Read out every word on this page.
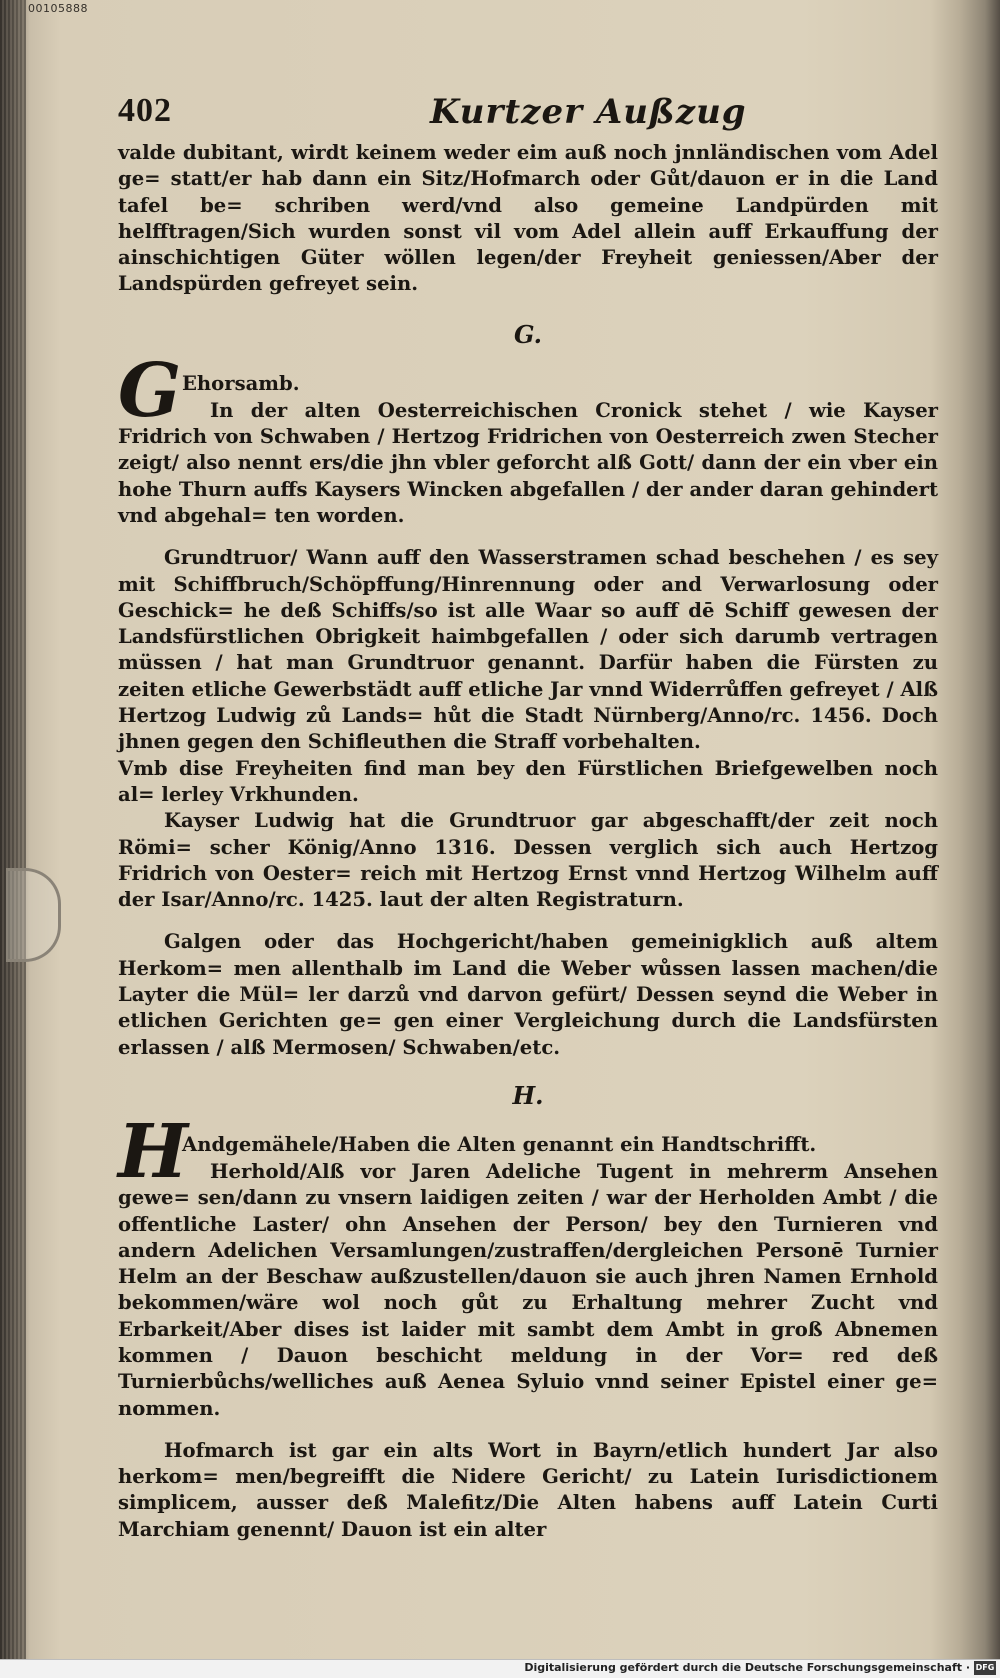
00105888
402	Kurtzer Außzug

valde dubitant, wirdt keinem weder eim auß noch jnnländischen vom Adel ge= statt/er hab dann ein Sitz/Hofmarch oder Gůt/dauon er in die Land tafel be= schriben werd/vnd also gemeine Landpürden mit helfftragen/Sich wurden sonst vil vom Adel allein auff Erkauffung der ainschichtigen Güter wöllen legen/der Freyheit geniessen/Aber der Landspürden gefreyet sein.

G.
G Ehorsamb.

In der alten Oesterreichischen Cronick stehet / wie Kayser Fridrich von Schwaben / Hertzog Fridrichen von Oesterreich zwen Stecher zeigt/ also nennt ers/die jhn vbler geforcht alß Gott/ dann der ein vber ein hohe Thurn auffs Kaysers Wincken abgefallen / der ander daran gehindert vnd abgehal= ten worden.

Grundtruor/ Wann auff den Wasserstramen schad beschehen / es sey mit Schiffbruch/Schöpffung/Hinrennung oder and Verwarlosung oder Geschick= he deß Schiffs/so ist alle Waar so auff dē Schiff gewesen der Landsfürstlichen Obrigkeit haimbgefallen / oder sich darumb vertragen müssen / hat man Grundtruor genannt. Darfür haben die Fürsten zu zeiten etliche Gewerbstädt auff etliche Jar vnnd Widerrůffen gefreyet / Alß Hertzog Ludwig zů Lands= hůt die Stadt Nürnberg/Anno/rc. 1456. Doch jhnen gegen den Schifleuthen die Straff vorbehalten.

Vmb dise Freyheiten find man bey den Fürstlichen Briefgewelben noch al= lerley Vrkhunden.

Kayser Ludwig hat die Grundtruor gar abgeschafft/der zeit noch Römi= scher König/Anno 1316. Dessen verglich sich auch Hertzog Fridrich von Oester= reich mit Hertzog Ernst vnnd Hertzog Wilhelm auff der Isar/Anno/rc. 1425. laut der alten Registraturn.

Galgen oder das Hochgericht/haben gemeinigklich auß altem Herkom= men allenthalb im Land die Weber wůssen lassen machen/die Layter die Mül= ler darzů vnd darvon gefürt/ Dessen seynd die Weber in etlichen Gerichten ge= gen einer Vergleichung durch die Landsfürsten erlassen / alß Mermosen/ Schwaben/etc.

H.
H
Andgemähele/Haben die Alten genannt ein Handtschrifft.

Herhold/Alß vor Jaren Adeliche Tugent in mehrerm Ansehen gewe= sen/dann zu vnsern laidigen zeiten / war der Herholden Ambt / die offentliche Laster/ ohn Ansehen der Person/ bey den Turnieren vnd andern Adelichen Versamlungen/zustraffen/dergleichen Personē Turnier Helm an der Beschaw außzustellen/dauon sie auch jhren Namen Ernhold bekommen/wäre wol noch gůt zu Erhaltung mehrer Zucht vnd Erbarkeit/Aber dises ist laider mit sambt dem Ambt in groß Abnemen kommen / Dauon beschicht meldung in der Vor= red deß Turnierbůchs/welliches auß Aenea Syluio vnnd seiner Epistel einer ge= nommen.

Hofmarch ist gar ein alts Wort in Bayrn/etlich hundert Jar also herkom= men/begreifft die Nidere Gericht/ zu Latein Iurisdictionem simplicem, ausser deß Malefitz/Die Alten habens auff Latein Curti Marchiam genennt/ Dauon ist ein alter

Digitalisierung gefördert durch die Deutsche Forschungsgemeinschaft · DFG
